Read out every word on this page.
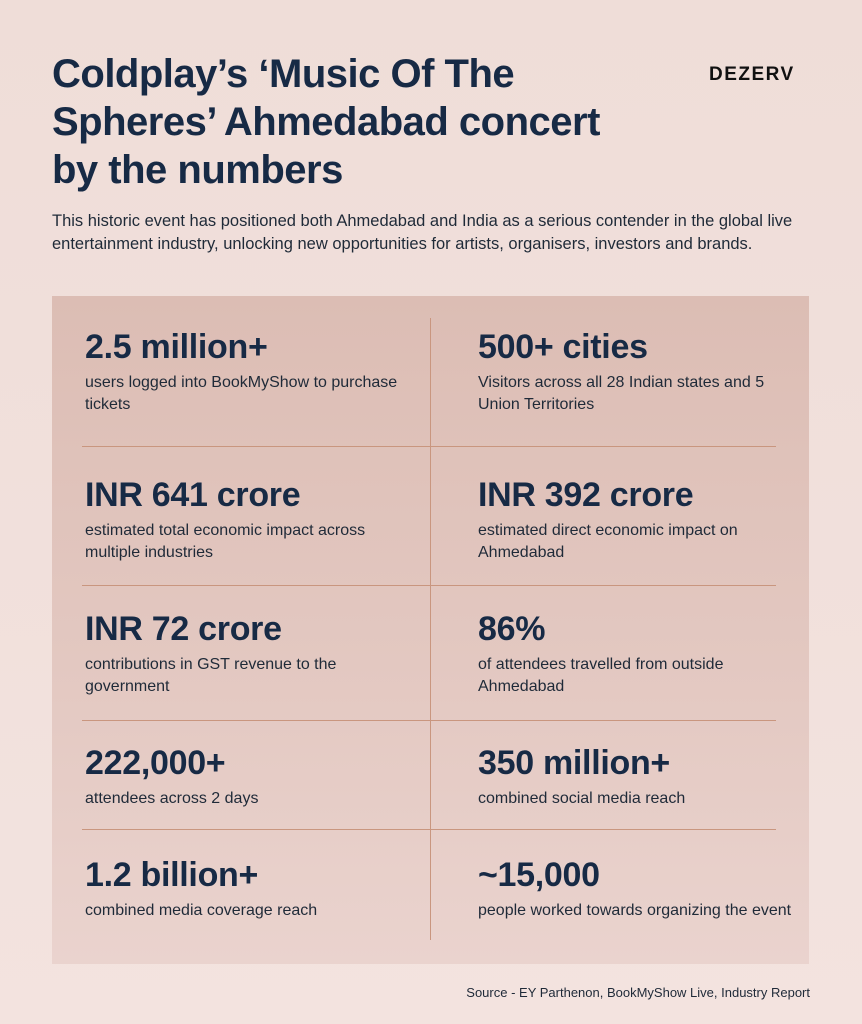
Coldplay’s ‘Music Of The Spheres’ Ahmedabad concert by the numbers
DEZERV

This historic event has positioned both Ahmedabad and India as a serious contender in the global live entertainment industry, unlocking new opportunities for artists, organisers, investors and brands.

2.5 million+
users logged into BookMyShow to purchase tickets
500+ cities
Visitors across all 28 Indian states and 5 Union Territories
INR 641 crore
estimated total economic impact across multiple industries
INR 392 crore
estimated direct economic impact on Ahmedabad
INR 72 crore
contributions in GST revenue to the government
86%
of attendees travelled from outside Ahmedabad
222,000+
attendees across 2 days
350 million+
combined social media reach
1.2 billion+
combined media coverage reach
~15,000
people worked towards organizing the event
Source - EY Parthenon, BookMyShow Live, Industry Report
